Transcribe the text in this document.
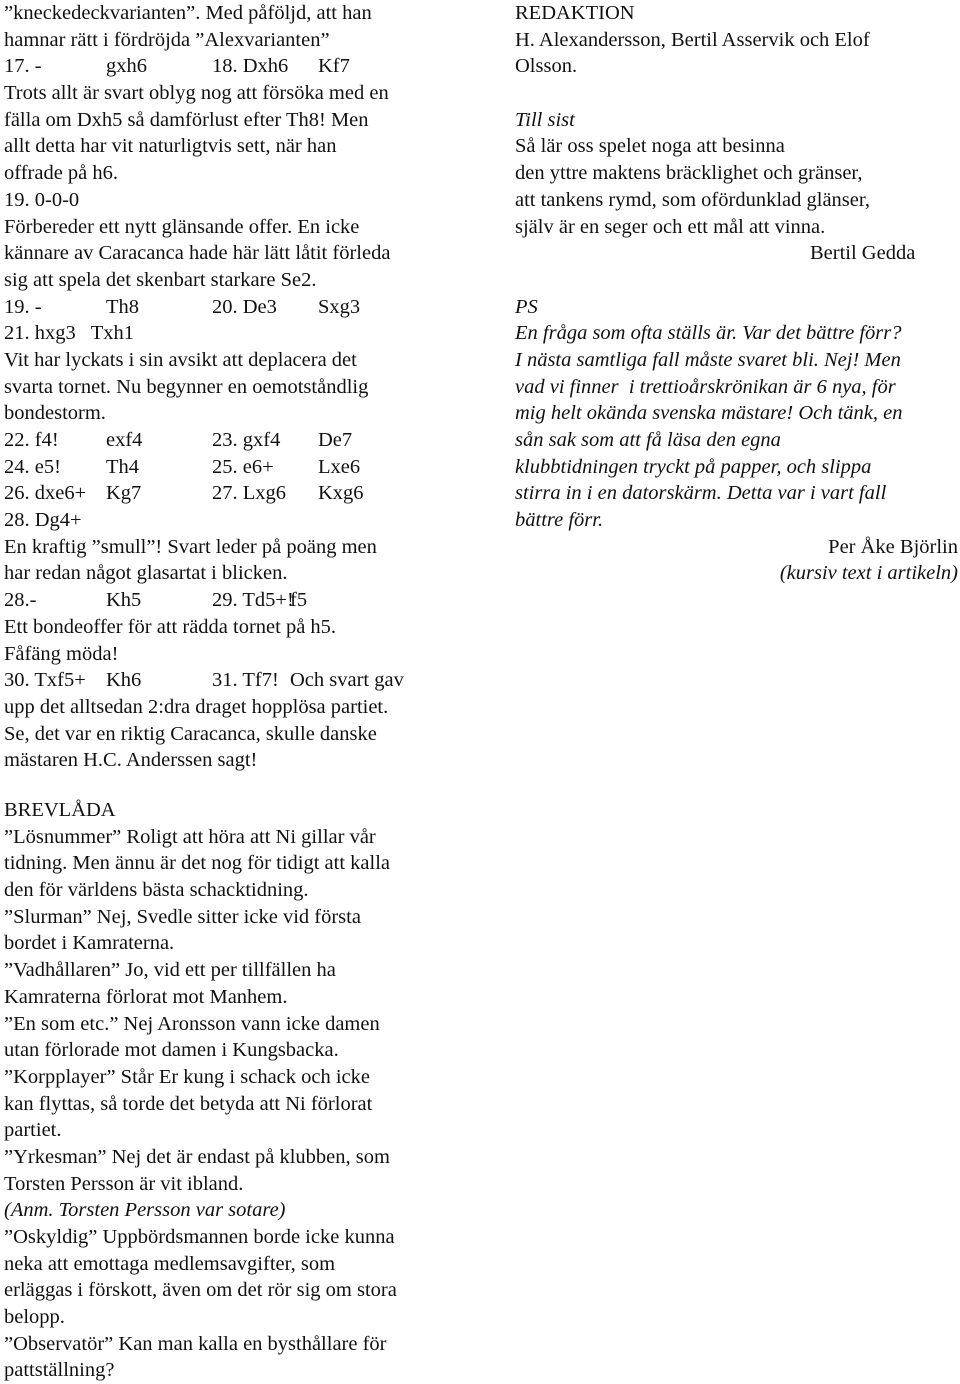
”kneckedeckvarianten”. Med påföljd, att han
hamnar rätt i fördröjda ”Alexvarianten”
17. -	gxh6	18. Dxh6 Kf7
Trots allt är svart oblyg nog att försöka med en
fälla om Dxh5 så damförlust efter Th8! Men
allt detta har vit naturligtvis sett, när han
offrade på h6.
19. 0-0-0
Förbereder ett nytt glänsande offer. En icke
kännare av Caracanca hade här lätt låtit förleda
sig att spela det skenbart starkare Se2.
19. -	Th8	20. De3 Sxg3
21. hxg3   Txh1
Vit har lyckats i sin avsikt att deplacera det
svarta tornet. Nu begynner en oemotståndlig
bondestorm.
22. f4! exf4	23. gxf4 De7
24. e5! Th4	25. e6+ Lxe6
26. dxe6+ Kg7	27. Lxg6 Kxg6
28. Dg4+
En kraftig ”smull”! Svart leder på poäng men
har redan något glasartat i blicken.
28.-	Kh5	29. Td5+!f5
Ett bondeoffer för att rädda tornet på h5.
Fåfäng möda!
30. Txf5+ Kh6	31. Tf7! Och svart gav
upp det alltsedan 2:dra draget hopplösa partiet.
Se, det var en riktig Caracanca, skulle danske
mästaren H.C. Anderssen sagt!
BREVLÅDA
”Lösnummer” Roligt att höra att Ni gillar vår
tidning. Men ännu är det nog för tidigt att kalla
den för världens bästa schacktidning.
”Slurman” Nej, Svedle sitter icke vid första
bordet i Kamraterna.
”Vadhållaren” Jo, vid ett per tillfällen ha
Kamraterna förlorat mot Manhem.
”En som etc.” Nej Aronsson vann icke damen
utan förlorade mot damen i Kungsbacka.
”Korpplayer” Står Er kung i schack och icke
kan flyttas, så torde det betyda att Ni förlorat
partiet.
”Yrkesman” Nej det är endast på klubben, som
Torsten Persson är vit ibland.
(Anm. Torsten Persson var sotare)
”Oskyldig” Uppbördsmannen borde icke kunna
neka att emottaga medlemsavgifter, som
erläggas i förskott, även om det rör sig om stora
belopp.
”Observatör” Kan man kalla en bysthållare för
pattställning?
REDAKTION
H. Alexandersson, Bertil Asservik och Elof
Olsson.
Till sist
Så lär oss spelet noga att besinna
den yttre maktens bräcklighet och gränser,
att tankens rymd, som ofördunklad glänser,
själv är en seger och ett mål att vinna.
Bertil Gedda
PS
En fråga som ofta ställs är. Var det bättre förr?
I nästa samtliga fall måste svaret bli. Nej! Men
vad vi finner  i trettioårskrönikan är 6 nya, för
mig helt okända svenska mästare! Och tänk, en
sån sak som att få läsa den egna
klubbtidningen tryckt på papper, och slippa
stirra in i en datorskärm. Detta var i vart fall
bättre förr.
Per Åke Björlin
(kursiv text i artikeln)
